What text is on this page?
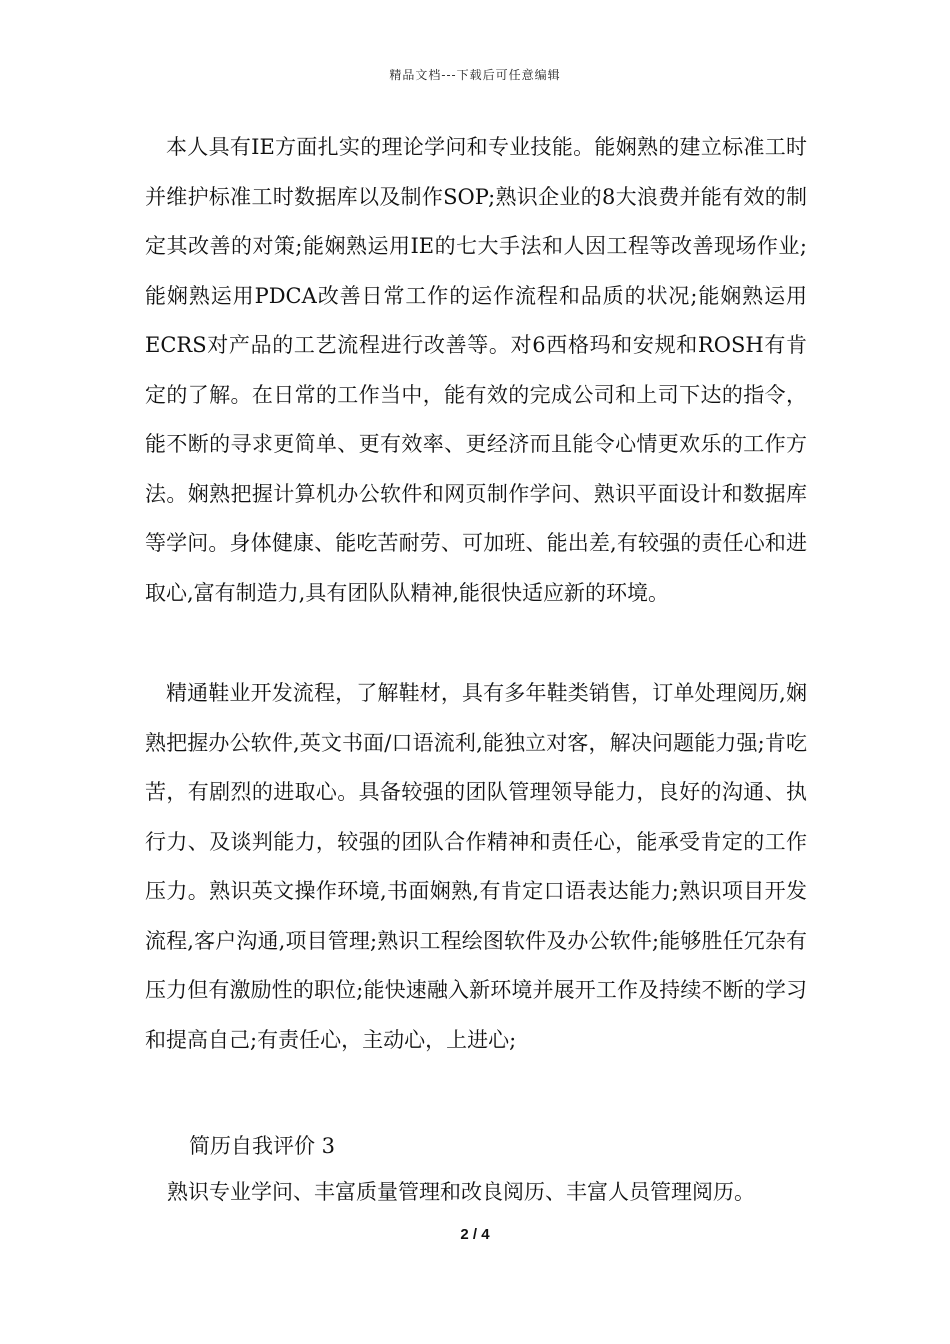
精品文档---下载后可任意编辑

本人具有IE方面扎实的理论学问和专业技能。能娴熟的建立标准工时并维护标准工时数据库以及制作SOP;熟识企业的8大浪费并能有效的制定其改善的对策;能娴熟运用IE的七大手法和人因工程等改善现场作业;能娴熟运用PDCA改善日常工作的运作流程和品质的状况;能娴熟运用ECRS对产品的工艺流程进行改善等。对6西格玛和安规和ROSH有肯定的了解。在日常的工作当中，能有效的完成公司和上司下达的指令，能不断的寻求更简单、更有效率、更经济而且能令心情更欢乐的工作方法。娴熟把握计算机办公软件和网页制作学问、熟识平面设计和数据库等学问。身体健康、能吃苦耐劳、可加班、能出差,有较强的责任心和进取心,富有制造力,具有团队队精神,能很快适应新的环境。

精通鞋业开发流程，了解鞋材，具有多年鞋类销售，订单处理阅历,娴熟把握办公软件,英文书面/口语流利,能独立对客，解决问题能力强;肯吃苦，有剧烈的进取心。具备较强的团队管理领导能力，良好的沟通、执行力、及谈判能力，较强的团队合作精神和责任心，能承受肯定的工作压力。熟识英文操作环境,书面娴熟,有肯定口语表达能力;熟识项目开发流程,客户沟通,项目管理;熟识工程绘图软件及办公软件;能够胜任冗杂有压力但有激励性的职位;能快速融入新环境并展开工作及持续不断的学习和提高自己;有责任心，主动心，上进心;

简历自我评价 3

熟识专业学问、丰富质量管理和改良阅历、丰富人员管理阅历。

2 / 4
